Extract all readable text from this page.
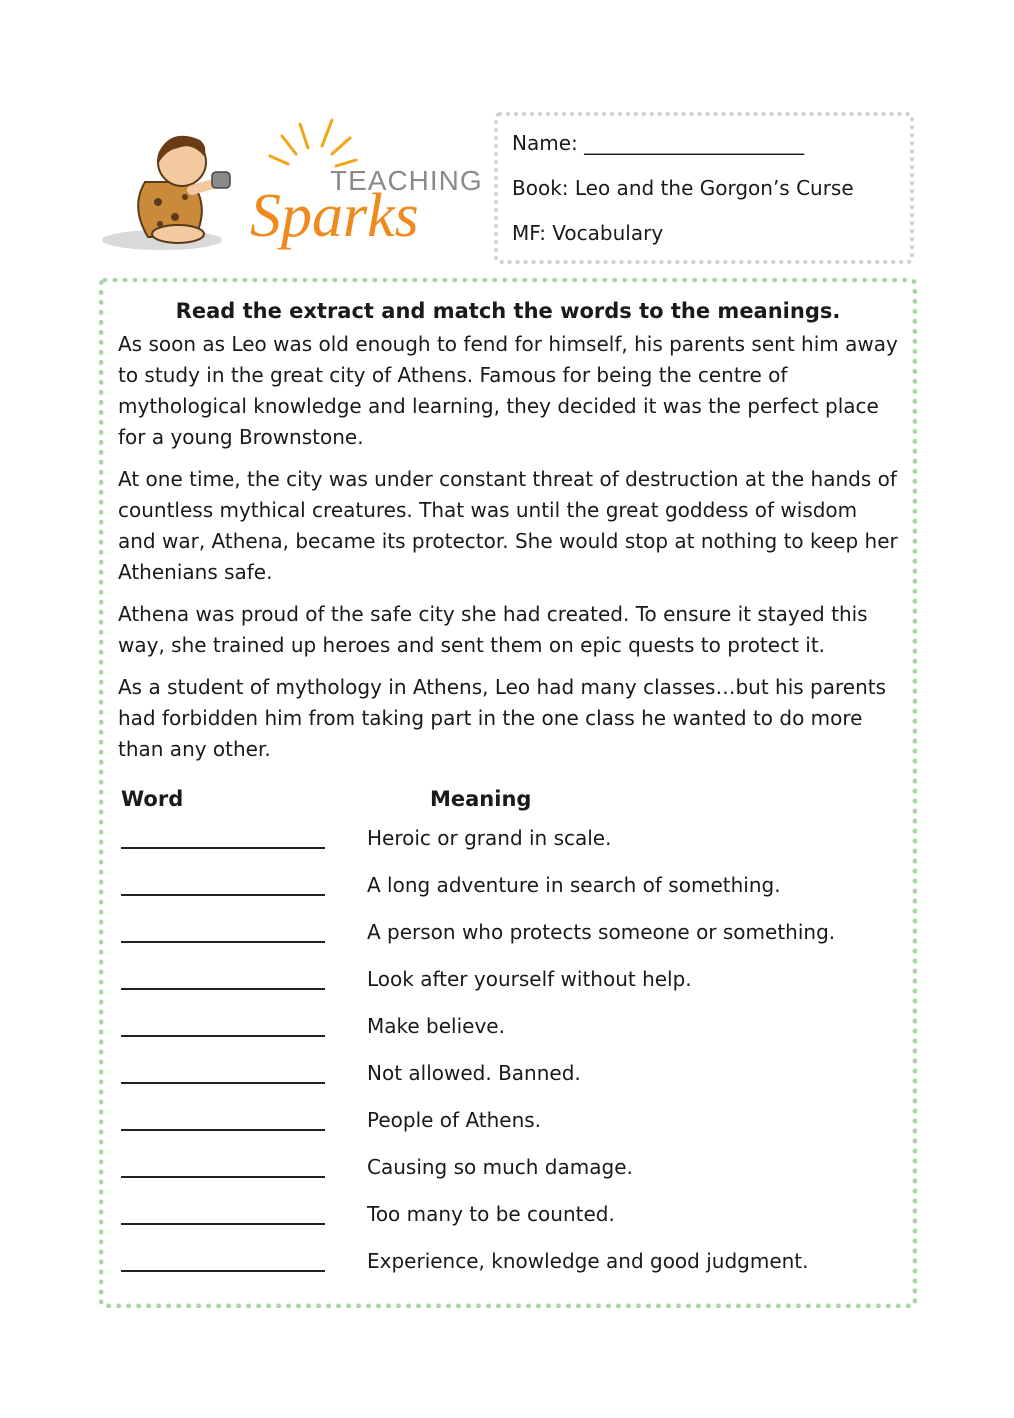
TEACHING
Sparks
Name: ______________________
Book: Leo and the Gorgon’s Curse
MF: Vocabulary

Read the extract and match the words to the meanings.

As soon as Leo was old enough to fend for himself, his parents sent him away to study in the great city of Athens. Famous for being the centre of mythological knowledge and learning, they decided it was the perfect place for a young Brownstone.

At one time, the city was under constant threat of destruction at the hands of countless mythical creatures. That was until the great goddess of wisdom and war, Athena, became its protector. She would stop at nothing to keep her Athenians safe.

Athena was proud of the safe city she had created. To ensure it stayed this way, she trained up heroes and sent them on epic quests to protect it.

As a student of mythology in Athens, Leo had many classes…but his parents had forbidden him from taking part in the one class he wanted to do more than any other.

Word	Meaning
Heroic or grand in scale.
A long adventure in search of something.
A person who protects someone or something.
Look after yourself without help.
Make believe.
Not allowed. Banned.
People of Athens.
Causing so much damage.
Too many to be counted.
Experience, knowledge and good judgment.
